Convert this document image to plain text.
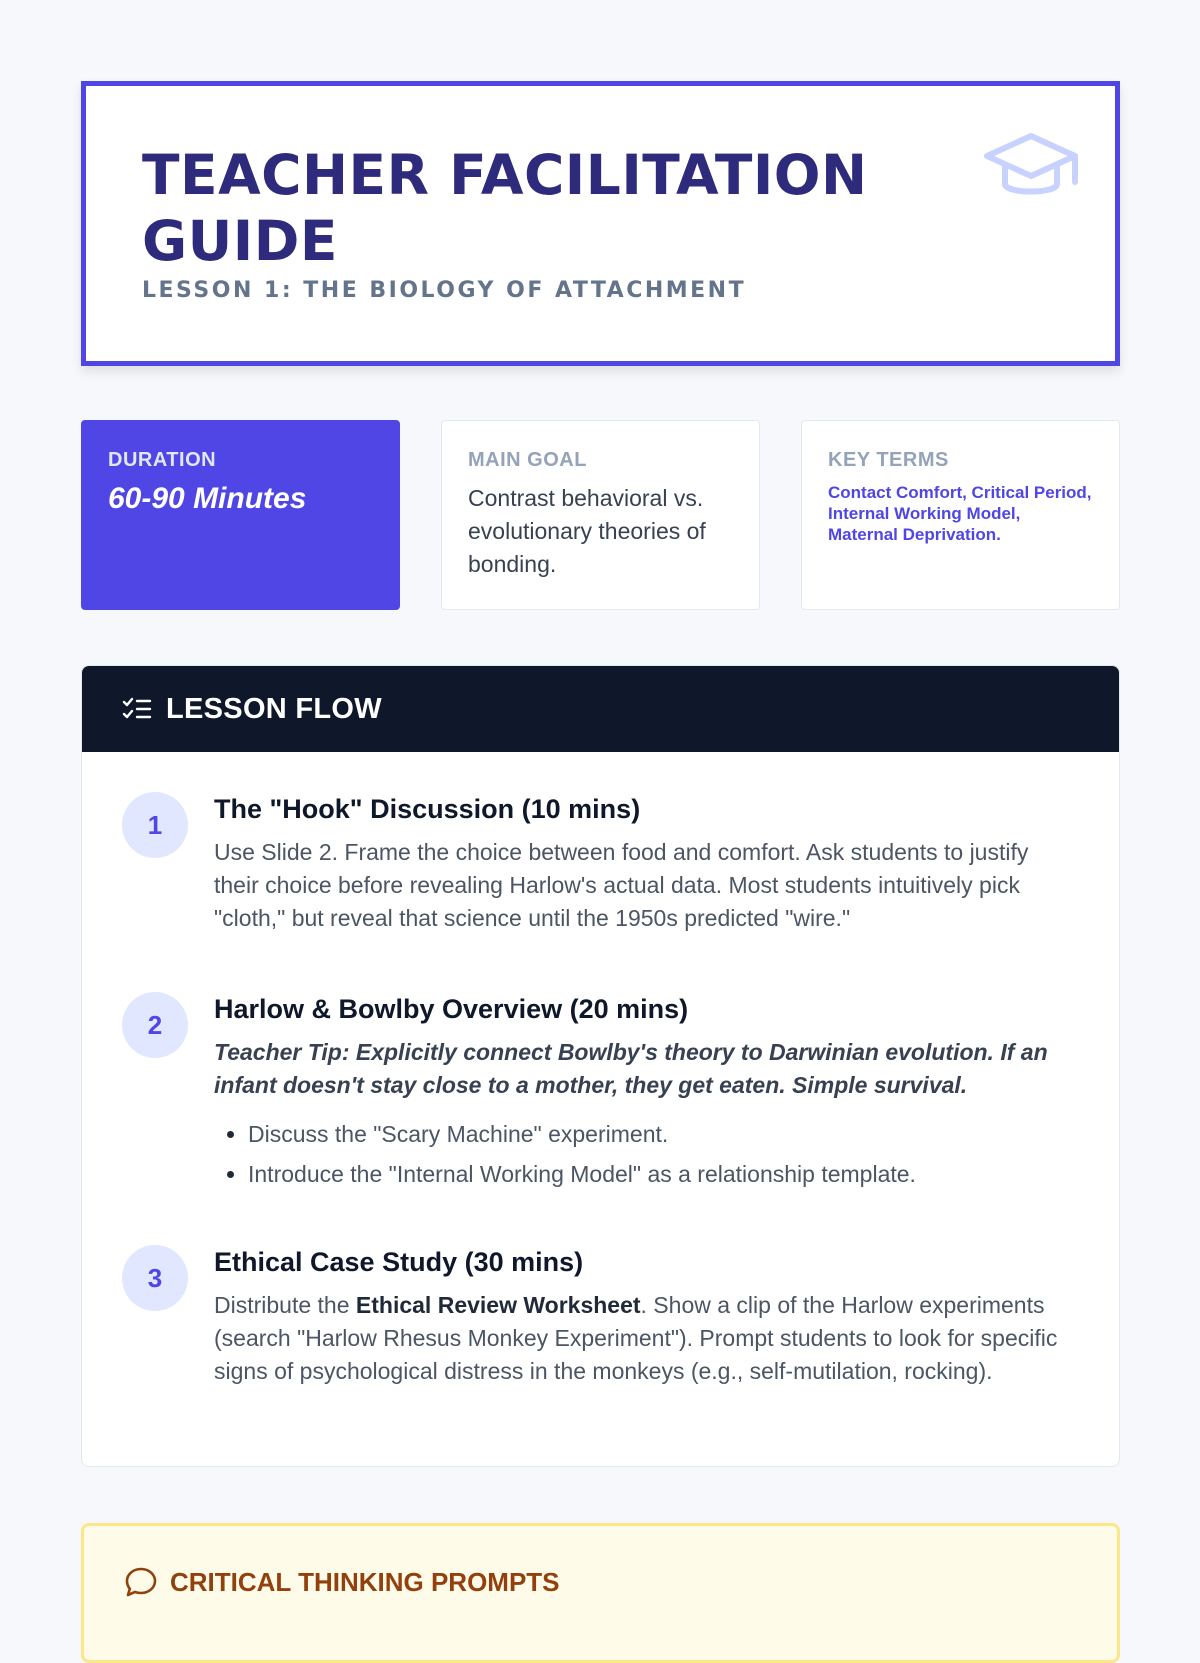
TEACHER FACILITATION GUIDE
LESSON 1: THE BIOLOGY OF ATTACHMENT
DURATION
60-90 Minutes
MAIN GOAL
Contrast behavioral vs. evolutionary theories of bonding.
KEY TERMS
Contact Comfort, Critical Period, Internal Working Model, Maternal Deprivation.
LESSON FLOW
1
The "Hook" Discussion (10 mins)
Use Slide 2. Frame the choice between food and comfort. Ask students to justify their choice before revealing Harlow's actual data. Most students intuitively pick "cloth," but reveal that science until the 1950s predicted "wire."
2
Harlow & Bowlby Overview (20 mins)
Teacher Tip: Explicitly connect Bowlby's theory to Darwinian evolution. If an infant doesn't stay close to a mother, they get eaten. Simple survival.
• Discuss the "Scary Machine" experiment.
• Introduce the "Internal Working Model" as a relationship template.
3
Ethical Case Study (30 mins)
Distribute the Ethical Review Worksheet. Show a clip of the Harlow experiments (search "Harlow Rhesus Monkey Experiment"). Prompt students to look for specific signs of psychological distress in the monkeys (e.g., self-mutilation, rocking).
CRITICAL THINKING PROMPTS
